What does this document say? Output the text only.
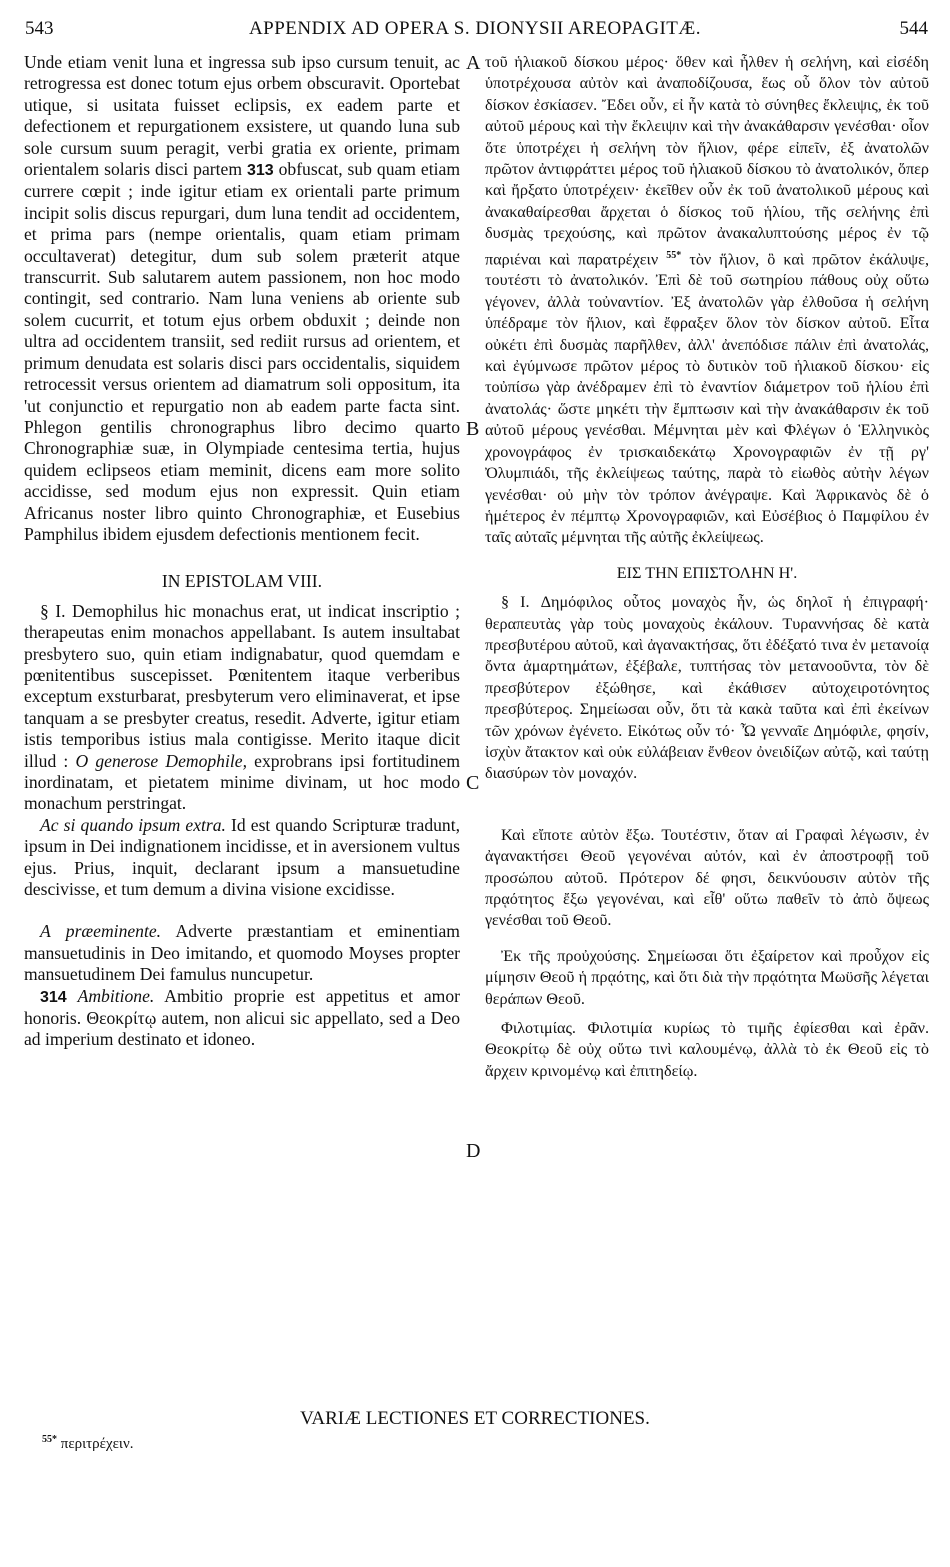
543	APPENDIX AD OPERA S. DIONYSII AREOPAGITÆ.	544
A
B
C
D

Unde etiam venit luna et ingressa sub ipso cursum tenuit, ac retrogressa est donec totum ejus orbem obscuravit. Oportebat utique, si usitata fuisset eclipsis, ex eadem parte et defectionem et repurgationem exsistere, ut quando luna sub sole cursum suum peragit, verbi gratia ex oriente, primam orientalem solaris disci partem 313 obfuscat, sub quam etiam currere cœpit ; inde igitur etiam ex orientali parte primum incipit solis discus repurgari, dum luna tendit ad occidentem, et prima pars (nempe orientalis, quam etiam primam occultaverat) detegitur, dum sub solem præterit atque transcurrit. Sub salutarem autem passionem, non hoc modo contingit, sed contrario. Nam luna veniens ab oriente sub solem cucurrit, et totum ejus orbem obduxit ; deinde non ultra ad occidentem transiit, sed rediit rursus ad orientem, et primum denudata est solaris disci pars occidentalis, siquidem retrocessit versus orientem ad diamatrum soli oppositum, ita 'ut conjunctio et repurgatio non ab eadem parte facta sint. Phlegon gentilis chronographus libro decimo quarto Chronographiæ suæ, in Olympiade centesima tertia, hujus quidem eclipseos etiam meminit, dicens eam more solito accidisse, sed modum ejus non expressit. Quin etiam Africanus noster libro quinto Chronographiæ, et Eusebius Pamphilus ibidem ejusdem defectionis mentionem fecit.

IN EPISTOLAM VIII.

§ I. Demophilus hic monachus erat, ut indicat inscriptio ; therapeutas enim monachos appellabant. Is autem insultabat presbytero suo, quin etiam indignabatur, quod quemdam e pœnitentibus suscepisset. Pœnitentem itaque verberibus exceptum exsturbarat, presbyterum vero eliminaverat, et ipse tanquam a se presbyter creatus, resedit. Adverte, igitur etiam istis temporibus istius mala contigisse. Merito itaque dicit illud : O generose Demophile, exprobrans ipsi fortitudinem inordinatam, et pietatem minime divinam, ut hoc modo monachum perstringat.

Ac si quando ipsum extra. Id est quando Scripturæ tradunt, ipsum in Dei indignationem incidisse, et in aversionem vultus ejus. Prius, inquit, declarant ipsum a mansuetudine descivisse, et tum demum a divina visione excidisse.

A præeminente. Adverte præstantiam et eminentiam mansuetudinis in Deo imitando, et quomodo Moyses propter mansuetudinem Dei famulus nuncupetur.

314 Ambitione. Ambitio proprie est appetitus et amor honoris. Θεοκρίτῳ autem, non alicui sic appellato, sed a Deo ad imperium destinato et idoneo.

τοῦ ἡλιακοῦ δίσκου μέρος· ὅθεν καὶ ἦλθεν ἡ σελήνη, καὶ εἰσέδη ὑποτρέχουσα αὐτὸν καὶ ἀναποδίζουσα, ἕως οὗ ὅλον τὸν αὐτοῦ δίσκον ἐσκίασεν. Ἔδει οὖν, εἰ ἦν κατὰ τὸ σύνηθες ἔκλειψις, ἐκ τοῦ αὐτοῦ μέρους καὶ τὴν ἔκλειψιν καὶ τὴν ἀνακάθαρσιν γενέσθαι· οἷον ὅτε ὑποτρέχει ἡ σελήνη τὸν ἥλιον, φέρε εἰπεῖν, ἐξ ἀνατολῶν πρῶτον ἀντιφράττει μέρος τοῦ ἡλιακοῦ δίσκου τὸ ἀνατολικόν, ὅπερ καὶ ἤρξατο ὑποτρέχειν· ἐκεῖθεν οὖν ἐκ τοῦ ἀνατολικοῦ μέρους καὶ ἀνακαθαίρεσθαι ἄρχεται ὁ δίσκος τοῦ ἡλίου, τῆς σελήνης ἐπὶ δυσμὰς τρεχούσης, καὶ πρῶτον ἀνακαλυπτούσης μέρος ἐν τῷ παριέναι καὶ παρατρέχειν $^{55*}$ τὸν ἥλιον, ὃ καὶ πρῶτον ἐκάλυψε, τουτέστι τὸ ἀνατολικόν. Ἐπὶ δὲ τοῦ σωτηρίου πάθους οὐχ οὕτω γέγονεν, ἀλλὰ τοὐναντίον. Ἐξ ἀνατολῶν γὰρ ἐλθοῦσα ἡ σελήνη ὑπέδραμε τὸν ἥλιον, καὶ ἔφραξεν ὅλον τὸν δίσκον αὐτοῦ. Εἶτα οὐκέτι ἐπὶ δυσμὰς παρῆλθεν, ἀλλ' ἀνεπόδισε πάλιν ἐπὶ ἀνατολάς, καὶ ἐγύμνωσε πρῶτον μέρος τὸ δυτικὸν τοῦ ἡλιακοῦ δίσκου· εἰς τοὐπίσω γὰρ ἀνέδραμεν ἐπὶ τὸ ἐναντίον διάμετρον τοῦ ἡλίου ἐπὶ ἀνατολάς· ὥστε μηκέτι τὴν ἔμπτωσιν καὶ τὴν ἀνακάθαρσιν ἐκ τοῦ αὐτοῦ μέρους γενέσθαι. Μέμνηται μὲν καὶ Φλέγων ὁ Ἑλληνικὸς χρονογράφος ἐν τρισκαιδεκάτῳ Χρονογραφιῶν ἐν τῇ ργ' Ὀλυμπιάδι, τῆς ἐκλείψεως ταύτης, παρὰ τὸ εἰωθὸς αὐτὴν λέγων γενέσθαι· οὐ μὴν τὸν τρόπον ἀνέγραψε. Καὶ Ἀφρικανὸς δὲ ὁ ἡμέτερος ἐν πέμπτῳ Χρονογραφιῶν, καὶ Εὐσέβιος ὁ Παμφίλου ἐν ταῖς αὐταῖς μέμνηται τῆς αὐτῆς ἐκλείψεως.

ΕΙΣ ΤΗΝ ΕΠΙΣΤΟΛΗΝ Η'.

§ I. Δημόφιλος οὗτος μοναχὸς ἦν, ὡς δηλοῖ ἡ ἐπιγραφή· θεραπευτὰς γὰρ τοὺς μοναχοὺς ἐκάλουν. Τυραννήσας δὲ κατὰ πρεσβυτέρου αὐτοῦ, καὶ ἀγανακτήσας, ὅτι ἐδέξατό τινα ἐν μετανοίᾳ ὄντα ἁμαρτημάτων, ἐξέβαλε, τυπτήσας τὸν μετανοοῦντα, τὸν δὲ πρεσβύτερον ἐξώθησε, καὶ ἐκάθισεν αὐτοχειροτόνητος πρεσβύτερος. Σημείωσαι οὖν, ὅτι τὰ κακὰ ταῦτα καὶ ἐπὶ ἐκείνων τῶν χρόνων ἐγένετο. Εἰκότως οὖν τό· Ὦ γενναῖε Δημόφιλε, φησίν, ἰσχὺν ἄτακτον καὶ οὐκ εὐλάβειαν ἔνθεον ὀνειδίζων αὐτῷ, καὶ ταύτῃ διασύρων τὸν μοναχόν.

Καὶ εἴποτε αὐτὸν ἔξω. Τουτέστιν, ὅταν αἱ Γραφαὶ λέγωσιν, ἐν ἀγανακτήσει Θεοῦ γεγονέναι αὐτόν, καὶ ἐν ἀποστροφῇ τοῦ προσώπου αὐτοῦ. Πρότερον δέ φησι, δεικνύουσιν αὐτὸν τῆς πρᾳότητος ἔξω γεγονέναι, καὶ εἶθ' οὕτω παθεῖν τὸ ἀπὸ ὄψεως γενέσθαι τοῦ Θεοῦ.

Ἐκ τῆς προὐχούσης. Σημείωσαι ὅτι ἐξαίρετον καὶ προὖχον εἰς μίμησιν Θεοῦ ἡ πρᾳότης, καὶ ὅτι διὰ τὴν πρᾳότητα Μωϋσῆς λέγεται θεράπων Θεοῦ.

Φιλοτιμίας. Φιλοτιμία κυρίως τὸ τιμῆς ἐφίεσθαι καὶ ἐρᾶν. Θεοκρίτῳ δὲ οὐχ οὕτω τινὶ καλουμένῳ, ἀλλὰ τὸ ἐκ Θεοῦ εἰς τὸ ἄρχειν κρινομένῳ καὶ ἐπιτηδείῳ.

VARIÆ LECTIONES ET CORRECTIONES.
$^{55*}$ περιτρέχειν.
